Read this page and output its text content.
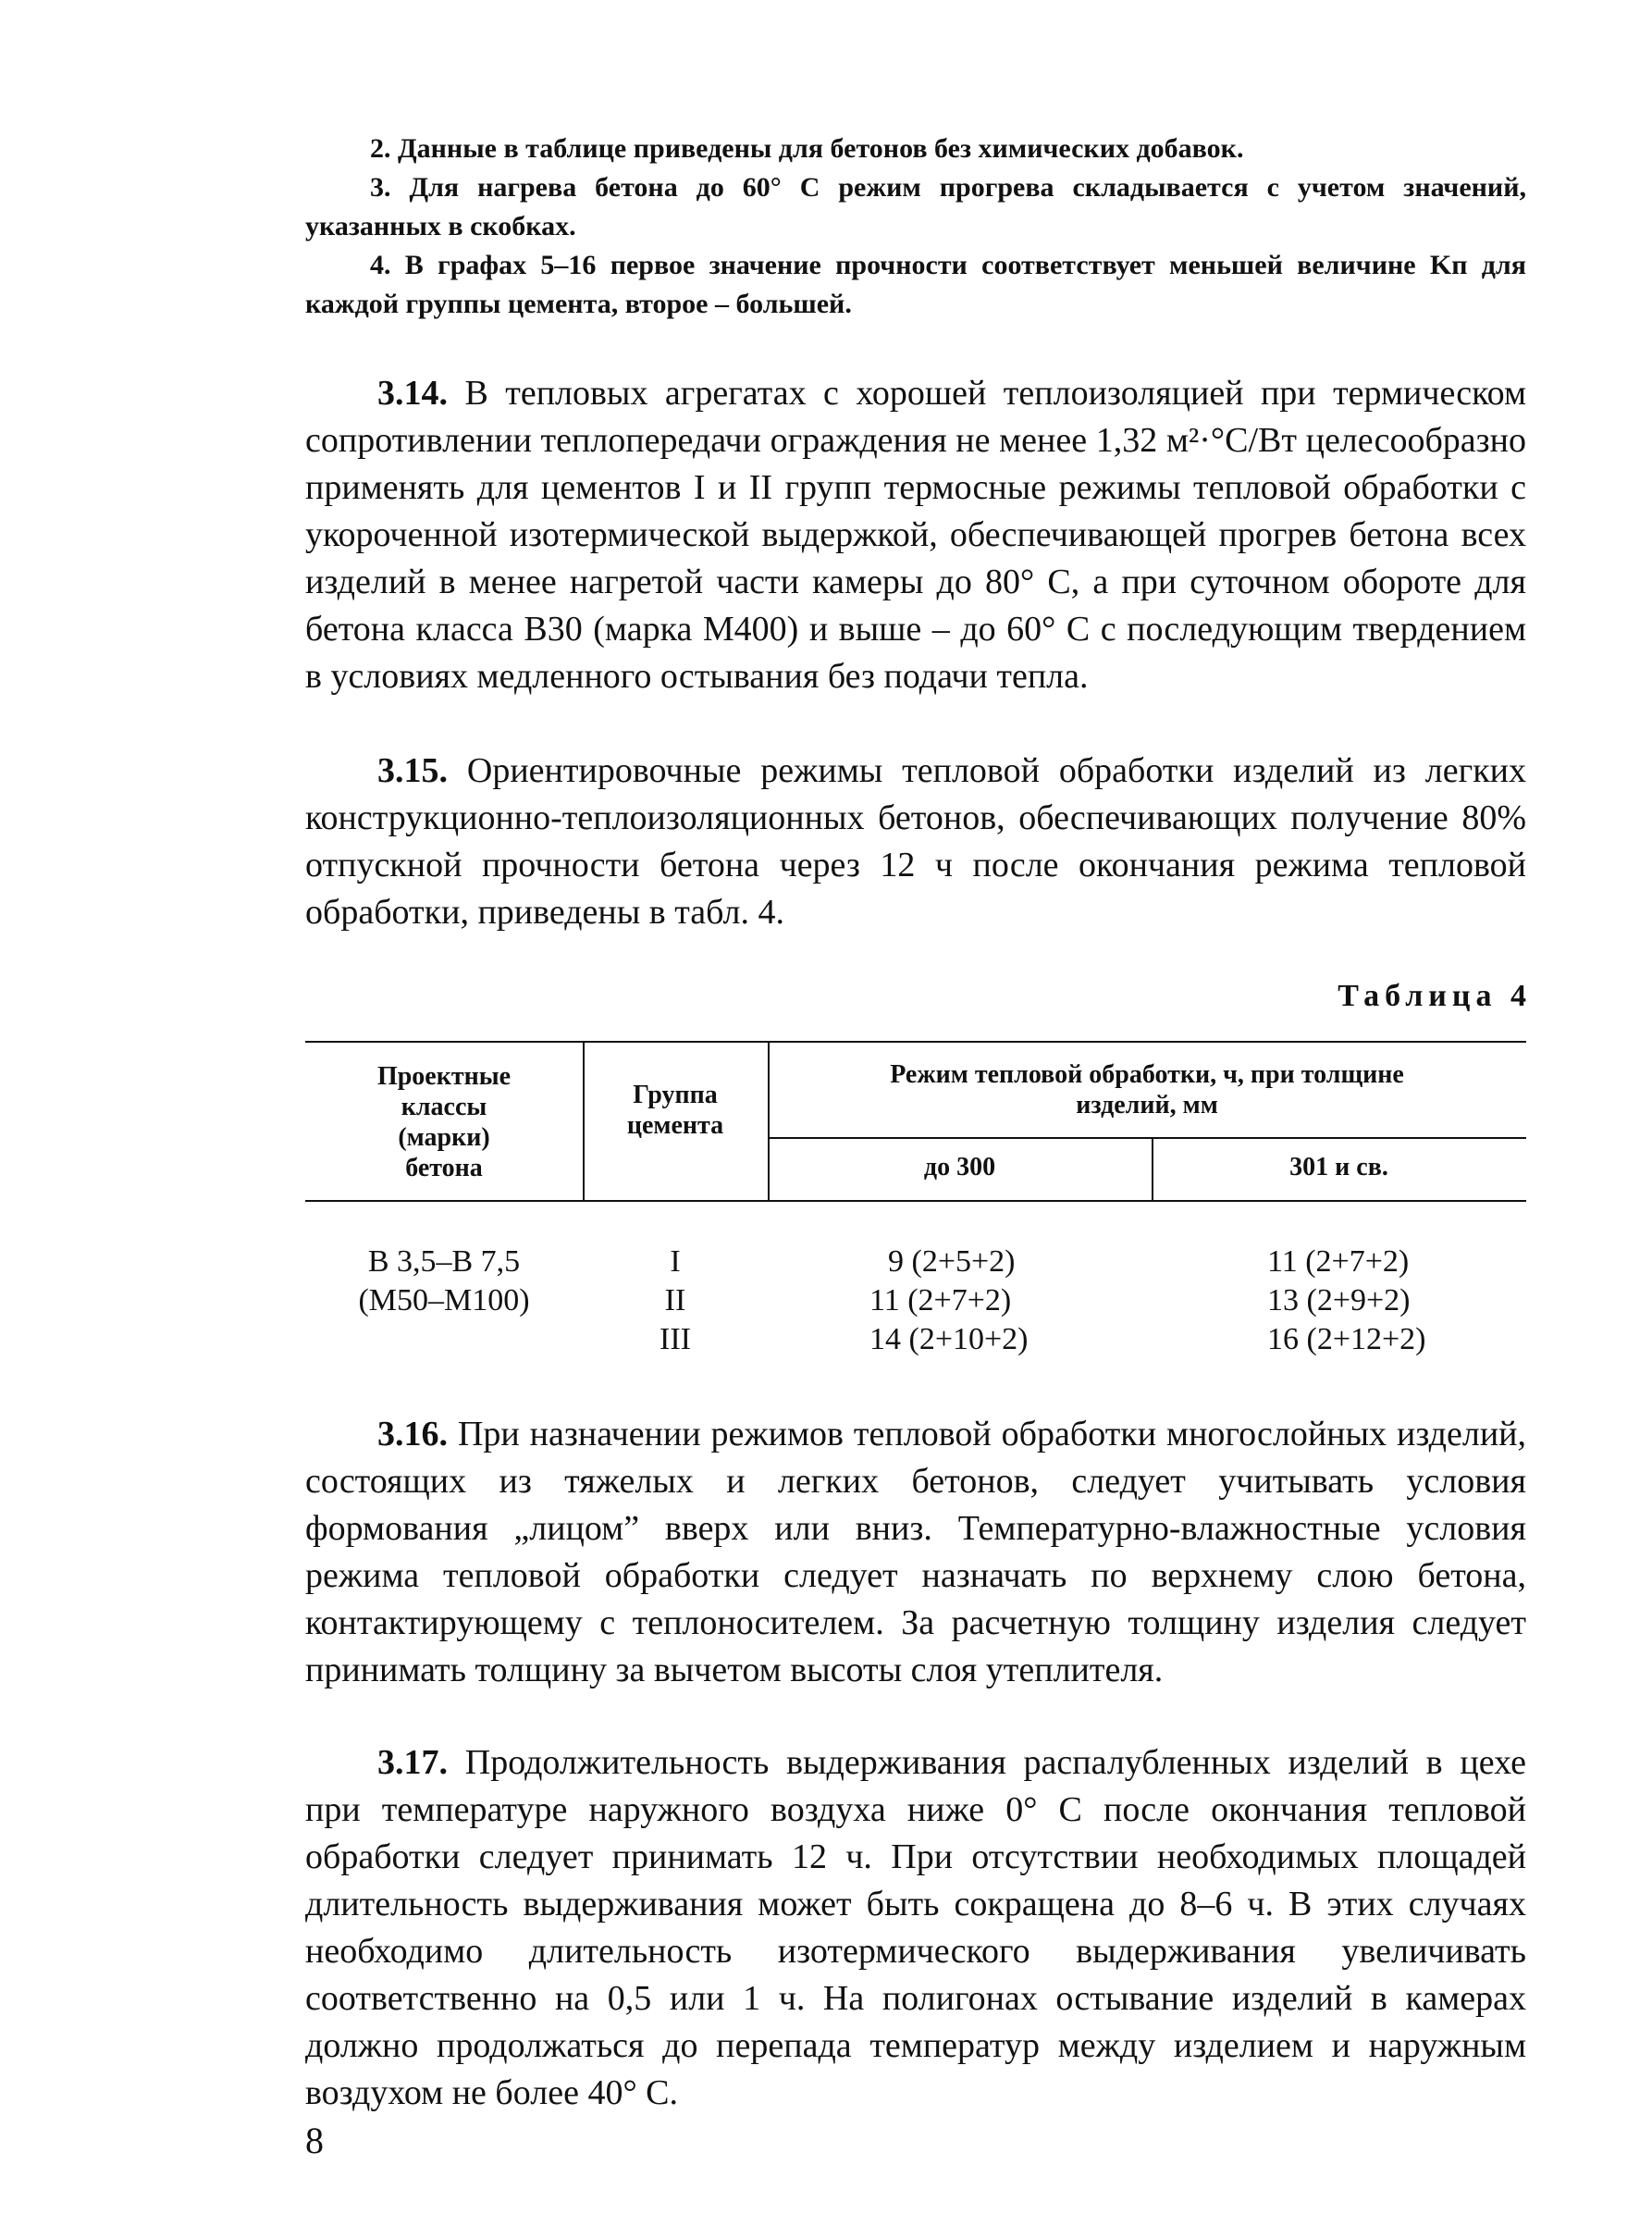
2. Данные в таблице приведены для бетонов без химических добавок.

3. Для нагрева бетона до 60° С режим прогрева складывается с учетом значений, указанных в скобках.

4. В графах 5–16 первое значение прочности соответствует меньшей величине Kп для каждой группы цемента, второе – большей.

3.14. В тепловых агрегатах с хорошей теплоизоляцией при термическом сопротивлении теплопередачи ограждения не менее 1,32 м²·°С/Вт целесообразно применять для цементов I и II групп термосные режимы тепловой обработки с укороченной изотермической выдержкой, обеспечивающей прогрев бетона всех изделий в менее нагретой части камеры до 80° С, а при суточном обороте для бетона класса В30 (марка М400) и выше – до 60° С с последующим твердением в условиях медленного остывания без подачи тепла.

3.15. Ориентировочные режимы тепловой обработки изделий из легких конструкционно-теплоизоляционных бетонов, обеспечивающих получение 80% отпускной прочности бетона через 12 ч после окончания режима тепловой обработки, приведены в табл. 4.

Таблица 4
Проектные
классы
(марки)
бетона
Группа
цемента
Режим тепловой обработки, ч, при толщине
изделий, мм
до 300	301 и св.
В 3,5–В 7,5
(М50–М100)
I
II
III
9 (2+5+2)
11 (2+7+2)
14 (2+10+2)
11 (2+7+2)
13 (2+9+2)
16 (2+12+2)

3.16. При назначении режимов тепловой обработки многослойных изделий, состоящих из тяжелых и легких бетонов, следует учитывать условия формования „лицом” вверх или вниз. Температурно-влажностные условия режима тепловой обработки следует назначать по верхнему слою бетона, контактирующему с теплоносителем. За расчетную толщину изделия следует принимать толщину за вычетом высоты слоя утеплителя.

3.17. Продолжительность выдерживания распалубленных изделий в цехе при температуре наружного воздуха ниже 0° С после окончания тепловой обработки следует принимать 12 ч. При отсутствии необходимых площадей длительность выдерживания может быть сокращена до 8–6 ч. В этих случаях необходимо длительность изотермического выдерживания увеличивать соответственно на 0,5 или 1 ч. На полигонах остывание изделий в камерах должно продолжаться до перепада температур между изделием и наружным воздухом не более 40° С.

8
